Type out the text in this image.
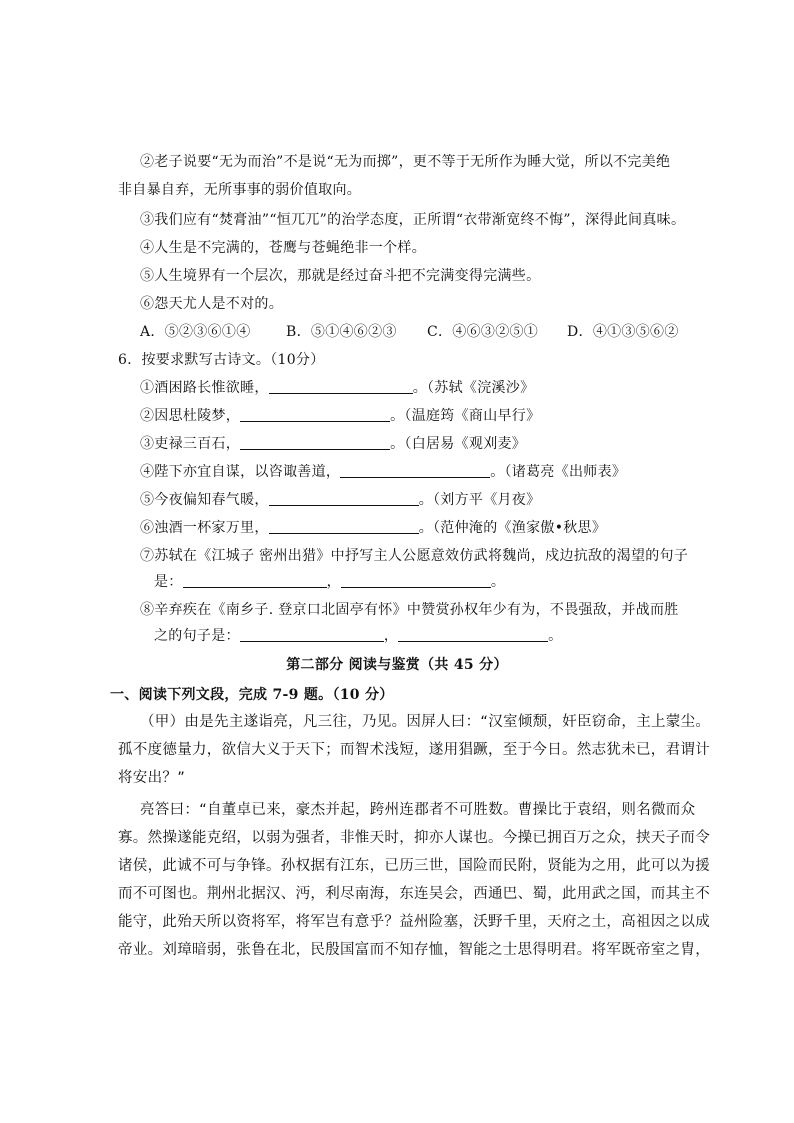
②老子说要“无为而治”不是说“无为而掷”，更不等于无所作为睡大觉，所以不完美绝
非自暴自弃，无所事事的弱价值取向。
③我们应有“焚膏油”“恒兀兀”的治学态度，正所谓“衣带渐宽终不悔”，深得此间真味。
④人生是不完满的，苍鹰与苍蝇绝非一个样。
⑤人生境界有一个层次，那就是经过奋斗把不完满变得完满些。
⑥怨天尤人是不对的。
A．⑤②③⑥①④	B．⑤①④⑥②③ C．④⑥③②⑤① D．④①③⑤⑥②
6．按要求默写古诗文。（10分）
①酒困路长惟欲睡，	。（苏轼《浣溪沙》
②因思杜陵梦，	。（温庭筠《商山早行》
③吏禄三百石，	。（白居易《观刈麦》
④陛下亦宜自谋，以咨诹善道，	。（诸葛亮《出师表》
⑤今夜偏知春气暖，	。（刘方平《月夜》
⑥浊酒一杯家万里，	。（范仲淹的《渔家傲•秋思》
⑦苏轼在《江城子 密州出猎》中抒写主人公愿意效仿武将魏尚，戍边抗敌的渴望的句子
是：	，	。
⑧辛弃疾在《南乡子. 登京口北固亭有怀》中赞赏孙权年少有为，不畏强敌，并战而胜
之的句子是：	，	。
第二部分 阅读与鉴赏（共 45 分）
一、阅读下列文段，完成 7-9 题。（10 分）
（甲）由是先主遂诣亮，凡三往，乃见。因屏人曰：“汉室倾颓，奸臣窃命，主上蒙尘。
孤不度德量力，欲信大义于天下；而智术浅短，遂用猖蹶，至于今日。然志犹未已，君谓计
将安出？”
亮答曰：“自董卓已来，豪杰并起，跨州连郡者不可胜数。曹操比于袁绍，则名微而众
寡。然操遂能克绍，以弱为强者，非惟天时，抑亦人谋也。今操已拥百万之众，挟天子而令
诸侯，此诚不可与争锋。孙权据有江东，已历三世，国险而民附，贤能为之用，此可以为援
而不可图也。荆州北据汉、沔，利尽南海，东连吴会，西通巴、蜀，此用武之国，而其主不
能守，此殆天所以资将军，将军岂有意乎？益州险塞，沃野千里，天府之土，高祖因之以成
帝业。刘璋暗弱，张鲁在北，民殷国富而不知存恤，智能之士思得明君。将军既帝室之胄，
